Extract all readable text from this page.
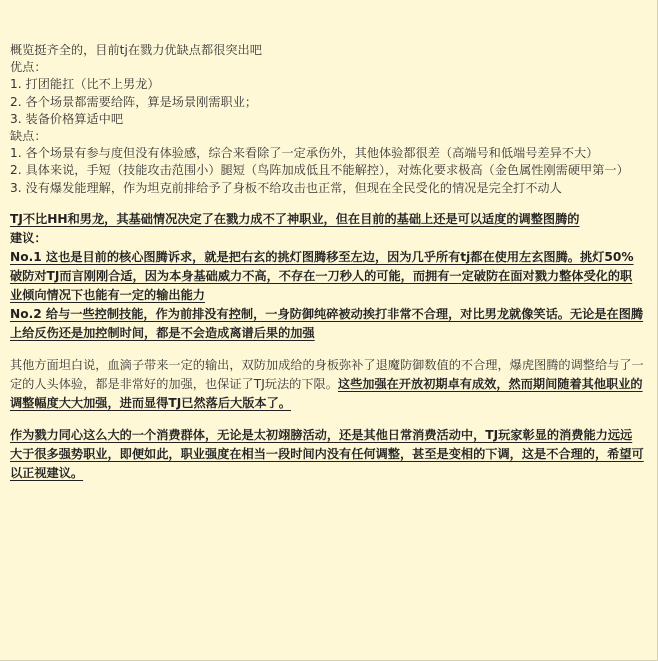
概览挺齐全的，目前tj在戮力优缺点都很突出吧

优点：

1. 打团能扛（比不上男龙）

2. 各个场景都需要给阵，算是场景刚需职业；

3. 装备价格算适中吧

缺点：

1. 各个场景有参与度但没有体验感，综合来看除了一定承伤外，其他体验都很差（高端号和低端号差异不大）

2. 具体来说，手短（技能攻击范围小）腿短（鸟阵加成低且不能解控），对炼化要求极高（金色属性刚需硬甲第一）

3. 没有爆发能理解，作为坦克前排给予了身板不给攻击也正常，但现在全民受化的情况是完全打不动人

TJ不比HH和男龙，其基础情况决定了在戮力成不了神职业，但在目前的基础上还是可以适度的调整图腾的

建议：

No.1 这也是目前的核心图腾诉求，就是把右玄的挑灯图腾移至左边，因为几乎所有tj都在使用左玄图腾。挑灯50%破防对TJ而言刚刚合适，因为本身基础威力不高，不存在一刀秒人的可能，而拥有一定破防在面对戮力整体受化的职业倾向情况下也能有一定的输出能力

No.2 给与一些控制技能，作为前排没有控制，一身防御纯碎被动挨打非常不合理，对比男龙就像笑话。无论是在图腾上给反伤还是加控制时间，都是不会造成离谱后果的加强

其他方面坦白说，血滴子带来一定的输出，双防加成给的身板弥补了退魔防御数值的不合理，爆虎图腾的调整给与了一定的人头体验，都是非常好的加强，也保证了TJ玩法的下限。这些加强在开放初期卓有成效，然而期间随着其他职业的调整幅度大大加强，进而显得TJ已然落后大版本了。

作为戮力同心这么大的一个消费群体，无论是太初翊膀活动，还是其他日常消费活动中，TJ玩家彰显的消费能力远远大于很多强势职业，即便如此，职业强度在相当一段时间内没有任何调整，甚至是变相的下调，这是不合理的，希望可以正视建议。
